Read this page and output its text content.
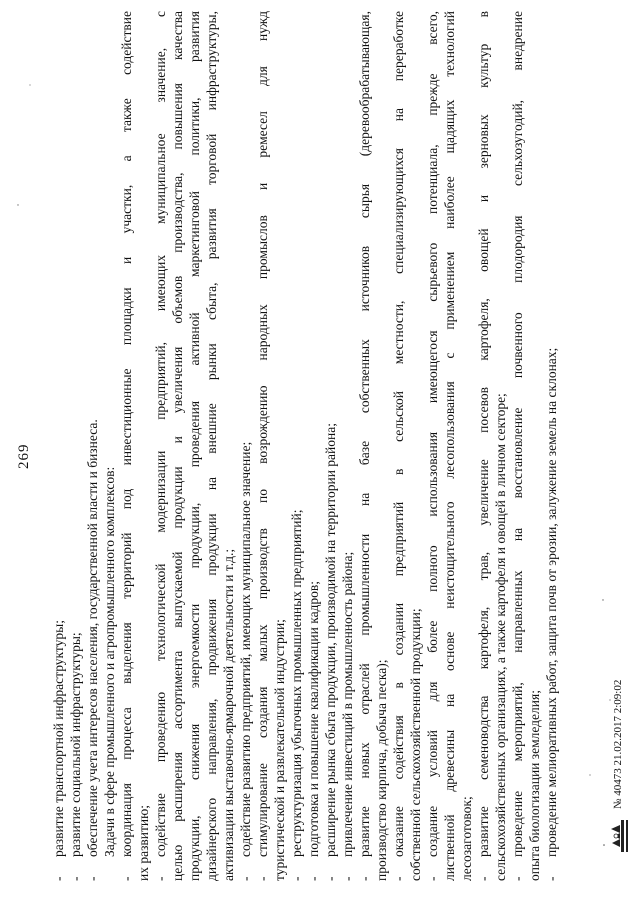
269
-
развитие транспортной инфраструктуры;
-
развитие социальной инфраструктуры;
-
обеспечение учета интересов населения, государственной власти и бизнеса. Задачи в сфере промышленного и агропромышленного комплексов:
-
координация процесса выделения территорий под инвестиционные площадки и участки, а также содействие их развитию; -
содействие проведению технологической модернизации предприятий, имеющих муниципальное значение, с целью расширения ассортимента выпускаемой продукции и увеличения объемов производства, повышения качества продукции, снижения энергоемкости продукции, проведения активной маркетинговой политики, развития дизайнерского направления, продвижения продукции на внешние рынки сбыта, развития торговой инфраструктуры, активизации выставочно-ярмарочной деятельности и т.д.; -
содействие развитию предприятий, имеющих муниципальное значение;
-
стимулирование создания малых производств по возрождению народных промыслов и ремесел для нужд туристической и развлекательной индустрии; -
реструктуризация убыточных промышленных предприятий;
-
подготовка и повышение квалификации кадров;
-
расширение рынка сбыта продукции, производимой на территории района;
-
привлечение инвестиций в промышленность района;
-
развитие новых отраслей промышленности на базе собственных источников сырья (деревообрабатывающая, производство кирпича, добыча песка); -
оказание содействия в создании предприятий в сельской местности, специализирующихся на переработке собственной сельскохозяйственной продукции; -
создание условий для более полного использования имеющегося сырьевого потенциала, прежде всего, лиственной древесины на основе неистощительного лесопользования с применением наиболее щадящих технологий лесозаготовок; -
развитие семеноводства картофеля, трав, увеличение посевов картофеля, овощей и зерновых культур в сельскохозяйственных организациях, а также картофеля и овощей в личном секторе; -
проведение мероприятий, направленных на восстановление почвенного плодородия сельхозугодий, внедрение опыта биологизации земледелия; -
проведение мелиоративных работ, защита почв от эрозии, залужение земель на склонах;	№ 40473 21.02.2017 2:09:02
